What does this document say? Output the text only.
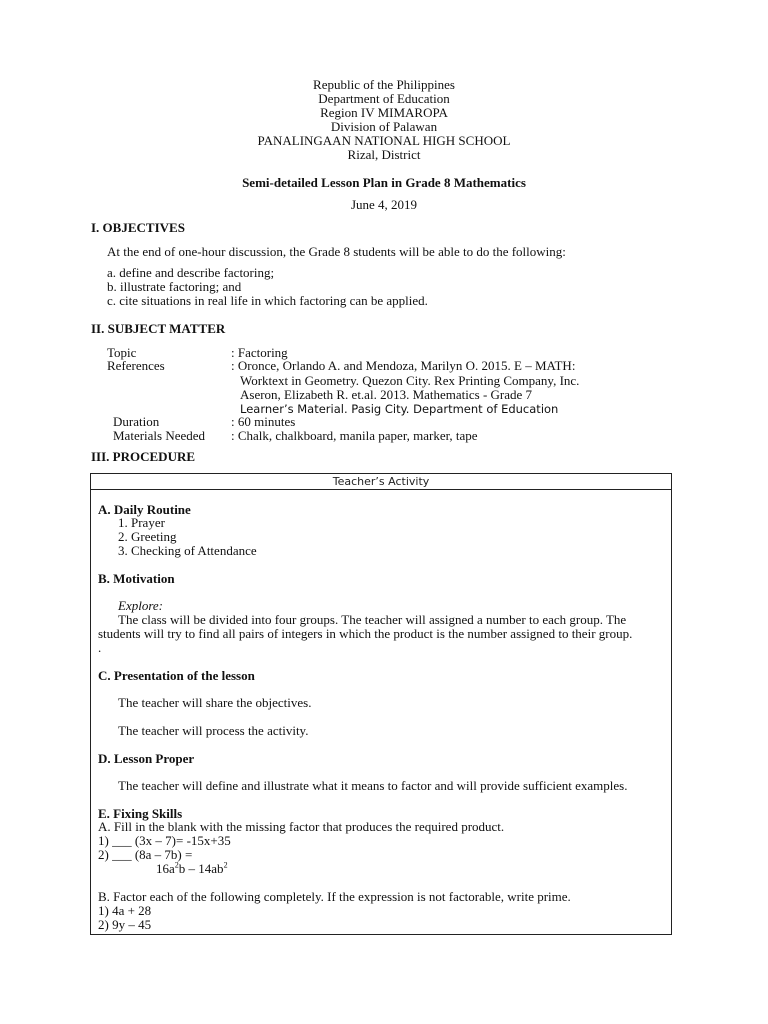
Republic of the Philippines
Department of Education
Region IV MIMAROPA
Division of Palawan
PANALINGAAN NATIONAL HIGH SCHOOL
Rizal, District
Semi-detailed Lesson Plan in Grade 8 Mathematics
June 4, 2019
I. OBJECTIVES
At the end of one-hour discussion, the Grade 8 students will be able to do the following:
a. define and describe factoring;
b. illustrate factoring; and
c. cite situations in real life in which factoring can be applied.
II. SUBJECT MATTER
Topic	: Factoring
References	: Oronce, Orlando A. and Mendoza, Marilyn O. 2015. E – MATH:
Worktext in Geometry. Quezon City. Rex Printing Company, Inc.
Aseron, Elizabeth R. et.al. 2013. Mathematics - Grade 7
Learner’s Material. Pasig City. Department of Education
Duration	: 60 minutes
Materials Needed : Chalk, chalkboard, manila paper, marker, tape
III. PROCEDURE
Teacher’s Activity
A. Daily Routine
1. Prayer
2. Greeting
3. Checking of Attendance
B. Motivation
Explore:
The class will be divided into four groups. The teacher will assigned a number to each group. The
students will try to find all pairs of integers in which the product is the number assigned to their group.
.
C. Presentation of the lesson
The teacher will share the objectives.
The teacher will process the activity.
D. Lesson Proper
The teacher will define and illustrate what it means to factor and will provide sufficient examples.
E. Fixing Skills
A. Fill in the blank with the missing factor that produces the required product.
1) ___ (3x – 7)= -15x+35
2) ___ (8a – 7b) =
$16a^2b - 14ab^2$
B. Factor each of the following completely. If the expression is not factorable, write prime.
1) 4a + 28
2) 9y – 45
